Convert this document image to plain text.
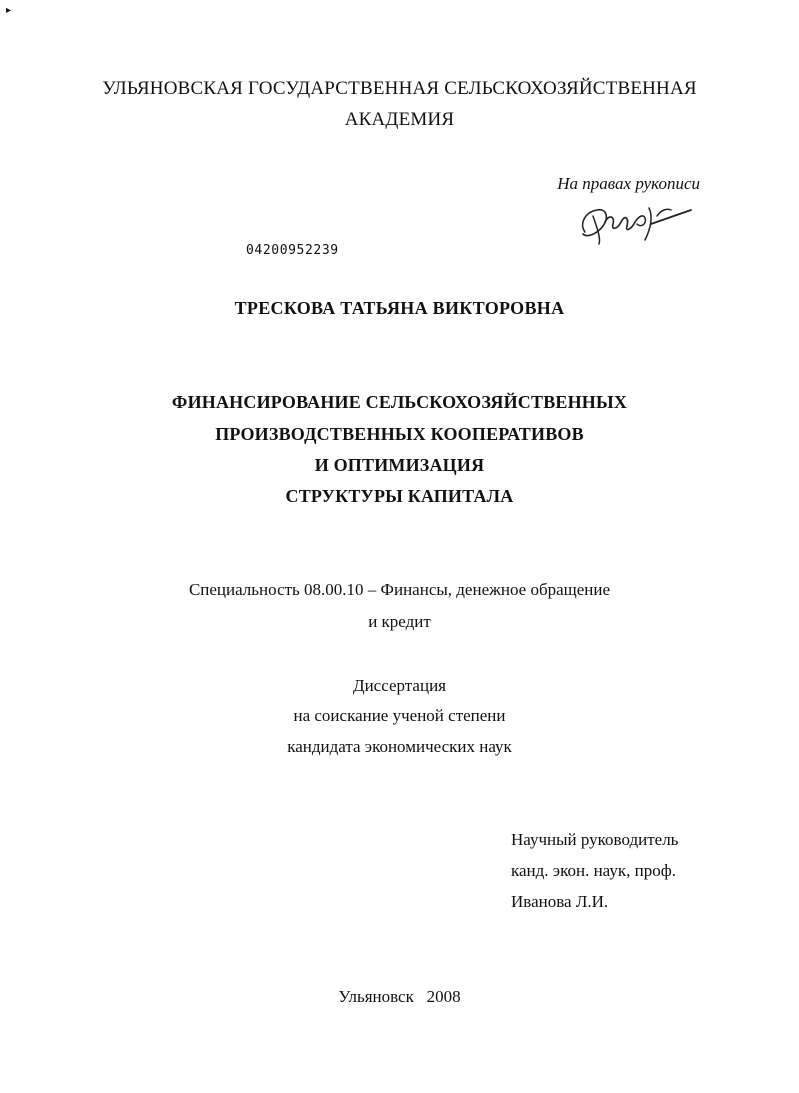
▸
УЛЬЯНОВСКАЯ ГОСУДАРСТВЕННАЯ СЕЛЬСКОХОЗЯЙСТВЕННАЯ
АКАДЕМИЯ
На правах рукописи
04200952239
ТРЕСКОВА ТАТЬЯНА ВИКТОРОВНА
ФИНАНСИРОВАНИЕ СЕЛЬСКОХОЗЯЙСТВЕННЫХ
ПРОИЗВОДСТВЕННЫХ КООПЕРАТИВОВ
И ОПТИМИЗАЦИЯ
СТРУКТУРЫ КАПИТАЛА
Специальность 08.00.10 – Финансы, денежное обращение
и кредит
Диссертация
на соискание ученой степени
кандидата экономических наук
Научный руководитель
канд. экон. наук, проф.
Иванова Л.И.
Ульяновск   2008
